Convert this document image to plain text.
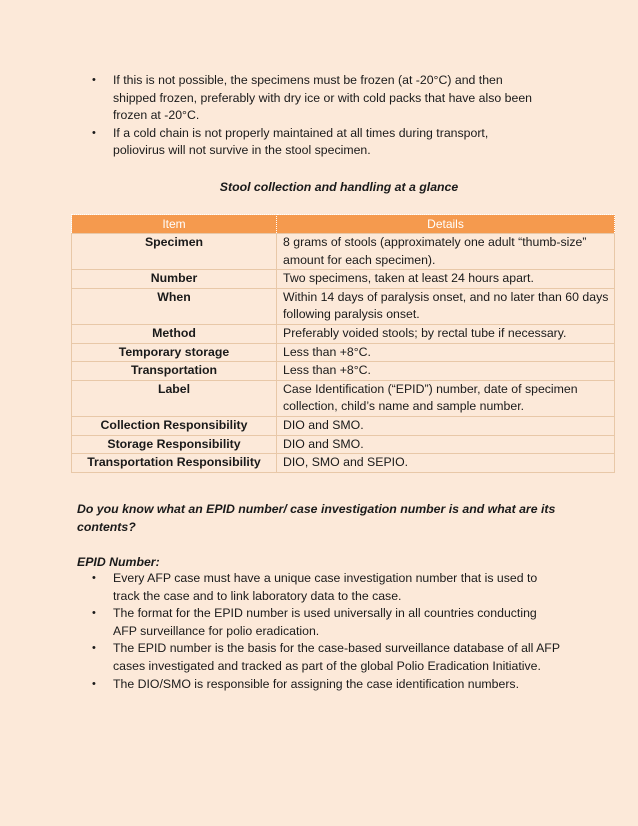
• If this is not possible, the specimens must be frozen (at -20°C) and then shipped frozen, preferably with dry ice or with cold packs that have also been frozen at -20°C.
• If a cold chain is not properly maintained at all times during transport, poliovirus will not survive in the stool specimen.
Stool collection and handling at a glance
Item	Details
Specimen	8 grams of stools (approximately one adult “thumb-size” amount for each specimen).
Number	Two specimens, taken at least 24 hours apart.
When	Within 14 days of paralysis onset, and no later than 60 days following paralysis onset.
Method	Preferably voided stools; by rectal tube if necessary.
Temporary storage	Less than +8°C.
Transportation	Less than +8°C.
Label	Case Identification (“EPID”) number, date of specimen collection, child’s name and sample number.
Collection Responsibility	DIO and SMO.
Storage Responsibility	DIO and SMO.
Transportation Responsibility	DIO, SMO and SEPIO.
Do you know what an EPID number/ case investigation number is and what are its contents?
EPID Number:
• Every AFP case must have a unique case investigation number that is used to track the case and to link laboratory data to the case.
• The format for the EPID number is used universally in all countries conducting AFP surveillance for polio eradication.
• The EPID number is the basis for the case-based surveillance database of all AFP cases investigated and tracked as part of the global Polio Eradication Initiative.
• The DIO/SMO is responsible for assigning the case identification numbers.
